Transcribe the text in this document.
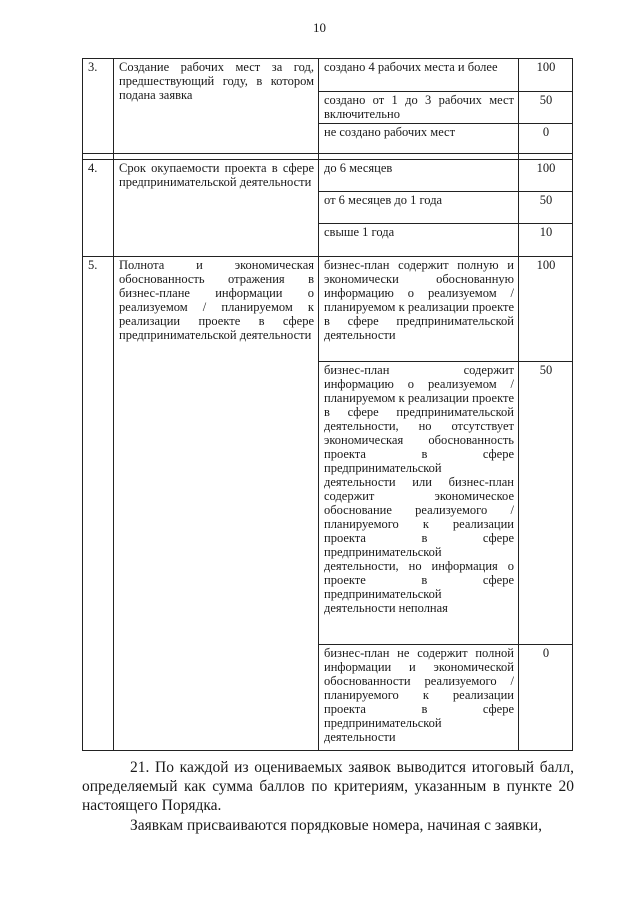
10
3.	Создание рабочих мест за год, предшествующий году, в котором подана заявка	создано 4 рабочих места и более	100
		создано от 1 до 3 рабочих мест включительно	50
		не создано рабочих мест	0

4.	Срок окупаемости проекта в сфере предпринимательской деятельности	до 6 месяцев	100
		от 6 месяцев до 1 года	50
		свыше 1 года	10
5.	Полнота и экономическая обоснованность отражения в бизнес-плане информации о реализуемом / планируемом к реализации проекте в сфере предпринимательской деятельности	бизнес-план содержит полную и экономически обоснованную информацию о реализуемом / планируемом к реализации проекте в сфере предпринимательской деятельности	100
		бизнес-план содержит информацию о реализуемом / планируемом к реализации проекте в сфере предпринимательской деятельности, но отсутствует экономическая обоснованность проекта в сфере предпринимательской деятельности или бизнес-план содержит экономическое обоснование реализуемого / планируемого к реализации проекта в сфере предпринимательской деятельности, но информация о проекте в сфере предпринимательской деятельности неполная	50
		бизнес-план не содержит полной информации и экономической обоснованности реализуемого / планируемого к реализации проекта в сфере предпринимательской деятельности	0

21. По каждой из оцениваемых заявок выводится итоговый балл, определяемый как сумма баллов по критериям, указанным в пункте 20 настоящего Порядка.

Заявкам присваиваются порядковые номера, начиная с заявки,
